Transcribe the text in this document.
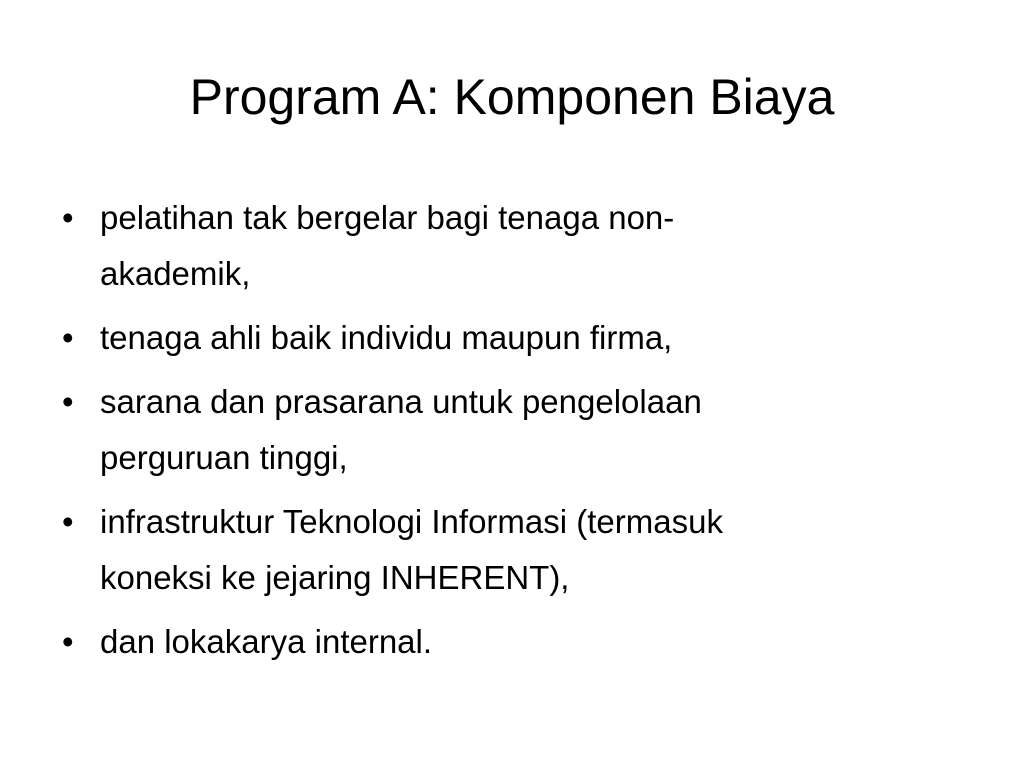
Program A: Komponen Biaya
• pelatihan tak bergelar bagi tenaga non-
akademik,
• tenaga ahli baik individu maupun firma,
• sarana dan prasarana untuk pengelolaan
perguruan tinggi,
• infrastruktur Teknologi Informasi (termasuk
koneksi ke jejaring INHERENT),
• dan lokakarya internal.
